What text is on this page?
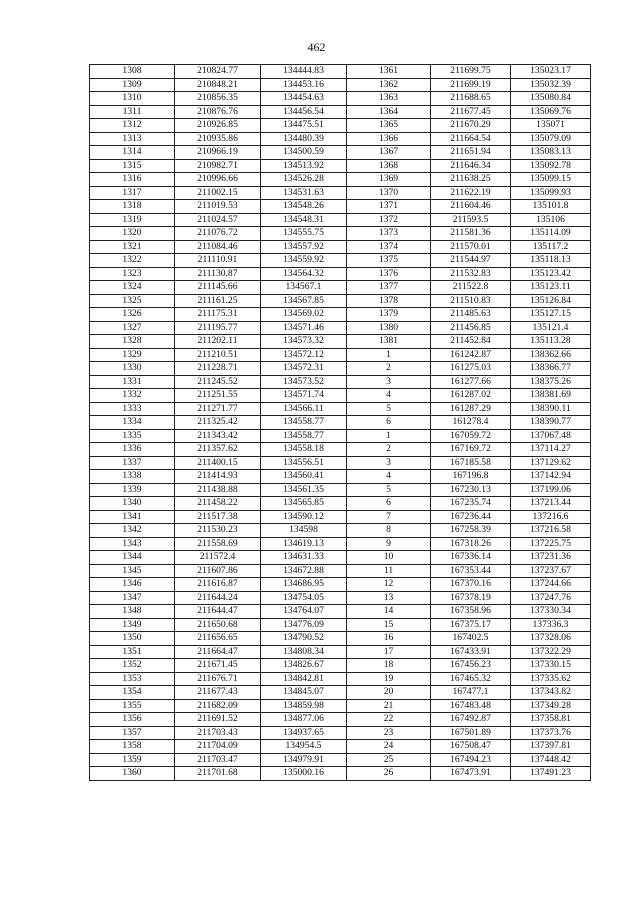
462
1308	210824.77	134444.83	1361	211699.75	135023.17
1309	210848.21	134453.16	1362	211699.19	135032.39
1310	210856.35	134454.63	1363	211688.65	135080.84
1311	210876.76	134456.54	1364	211677.45	135069.76
1312	210926.85	134475.51	1365	211670.29	135071
1313	210935.86	134480.39	1366	211664.54	135079.09
1314	210966.19	134500.59	1367	211651.94	135083.13
1315	210982.71	134513.92	1368	211646.34	135092.78
1316	210996.66	134526.28	1369	211638.25	135099.15
1317	211002.15	134531.63	1370	211622.19	135099.93
1318	211019.53	134548.26	1371	211604.46	135101.8
1319	211024.57	134548.31	1372	211593.5	135106
1320	211076.72	134555.75	1373	211581.36	135114.09
1321	211084.46	134557.92	1374	211570.01	135117.2
1322	211110.91	134559.92	1375	211544.97	135118.13
1323	211130.87	134564.32	1376	211532.83	135123.42
1324	211145.66	134567.1	1377	211522.8	135123.11
1325	211161.25	134567.85	1378	211510.83	135126.84
1326	211175.31	134569.02	1379	211485.63	135127.15
1327	211195.77	134571.46	1380	211456.85	135121.4
1328	211202.11	134573.32	1381	211452.84	135113.28
1329	211210.51	134572.12	1	161242.87	138362.66
1330	211228.71	134572.31	2	161275.03	138366.77
1331	211245.52	134573.52	3	161277.66	138375.26
1332	211251.55	134571.74	4	161287.02	138381.69
1333	211271.77	134566.11	5	161287.29	138390.11
1334	211325.42	134558.77	6	161278.4	138390.77
1335	211343.42	134558.77	1	167059.72	137067.48
1336	211357.62	134558.18	2	167169.72	137114.27
1337	211400.15	134556.51	3	167185.58	137129.62
1338	211414.93	134560.41	4	167196.8	137142.94
1339	211438.88	134561.35	5	167230.13	137199.06
1340	211458.22	134565.85	6	167235.74	137213.44
1341	211517.38	134590.12	7	167236.44	137216.6
1342	211530.23	134598	8	167258.39	137216.58
1343	211558.69	134619.13	9	167318.26	137225.75
1344	211572.4	134631.33	10	167336.14	137231.36
1345	211607.86	134672.88	11	167353.44	137237.67
1346	211616.87	134686.95	12	167370.16	137244.66
1347	211644.24	134754.05	13	167378.19	137247.76
1348	211644.47	134764.07	14	167358.96	137330.34
1349	211650.68	134776.09	15	167375.17	137336.3
1350	211656.65	134790.52	16	167402.5	137328.06
1351	211664.47	134808.34	17	167433.91	137322.29
1352	211671.45	134826.67	18	167456.23	137330.15
1353	211676.71	134842.81	19	167465.32	137335.62
1354	211677.43	134845.07	20	167477.1	137343.82
1355	211682.09	134859.98	21	167483.48	137349.28
1356	211691.52	134877.06	22	167492.87	137358.81
1357	211703.43	134937.65	23	167501.89	137373.76
1358	211704.09	134954.5	24	167508.47	137397.81
1359	211703.47	134979.91	25	167494.23	137448.42
1360	211701.68	135000.16	26	167473.91	137491.23
